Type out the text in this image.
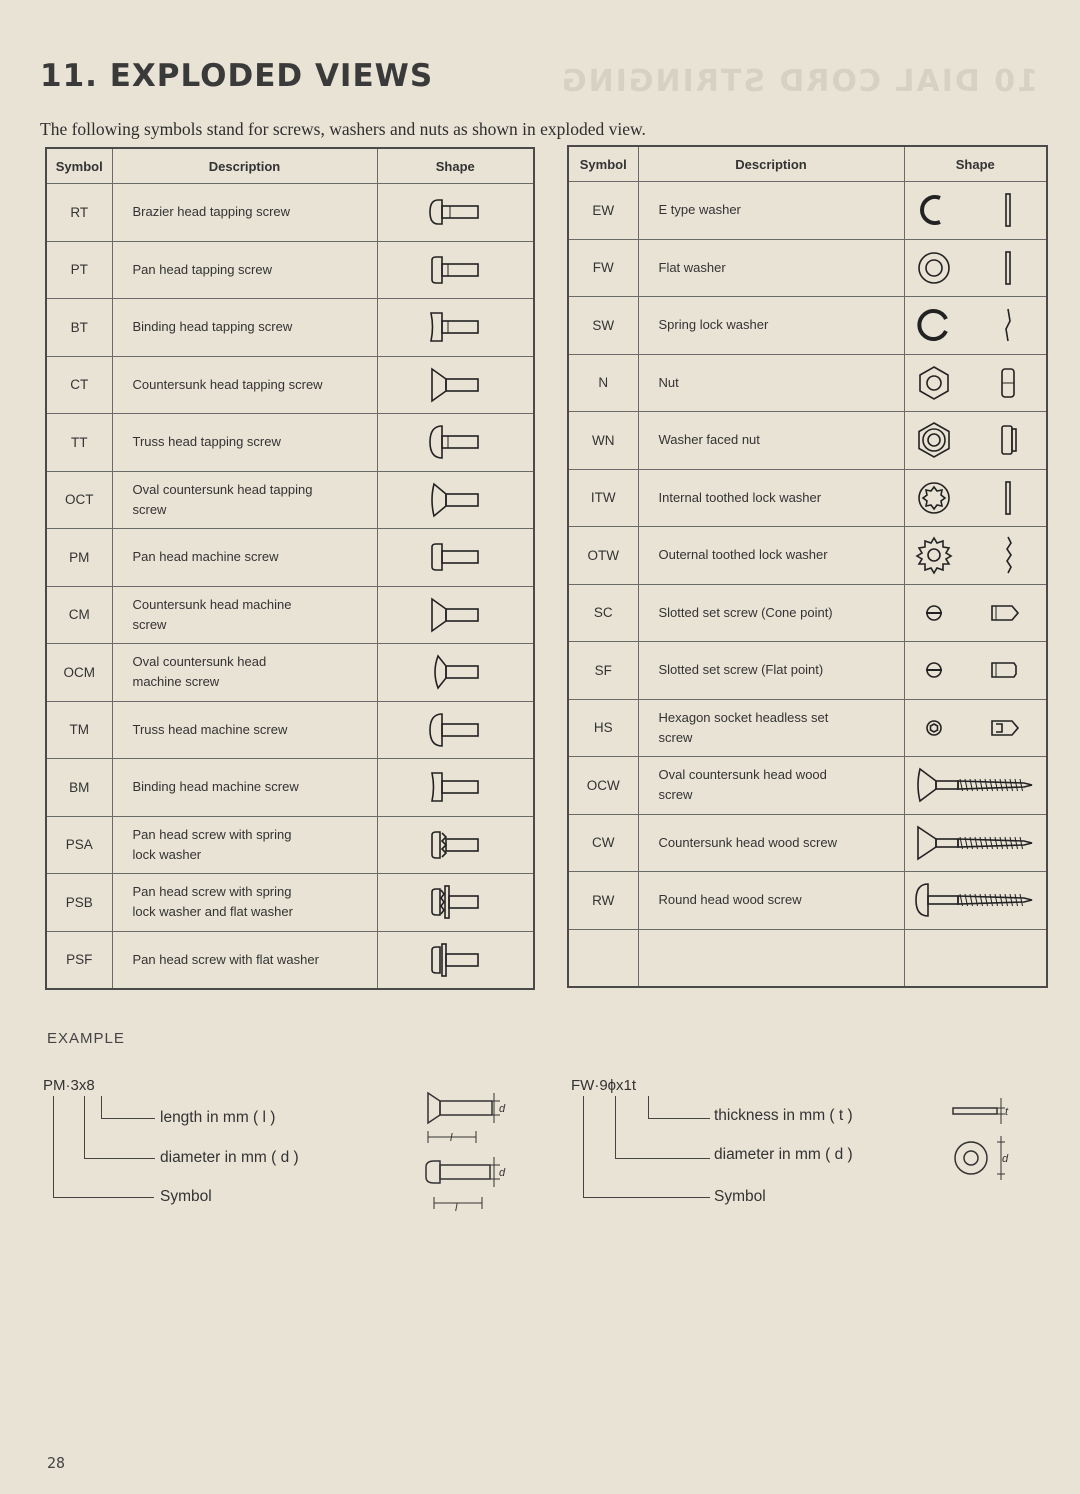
11. EXPLODED VIEWS	10 DIAL CORD STRINGING

The following symbols stand for screws, washers and nuts as shown in exploded view.

Symbol	Description	Shape
RT	Brazier head tapping screw

PT	Pan head tapping screw

BT	Binding head tapping screw

CT	Countersunk head tapping screw

TT	Truss head tapping screw

OCT	Oval countersunk head tapping
screw

PM	Pan head machine screw

CM	Countersunk head machine
screw

OCM	Oval countersunk head
machine screw

TM	Truss head machine screw

BM	Binding head machine screw

PSA	Pan head screw with spring
lock washer

PSB	Pan head screw with spring
lock washer and flat washer

PSF	Pan head screw with flat washer

Symbol	Description	Shape
EW	E type washer

FW	Flat washer

SW	Spring lock washer

N	Nut

WN	Washer faced nut

ITW	Internal toothed lock washer

OTW	Outernal toothed lock washer

SC	Slotted set screw (Cone point)

SF	Slotted set screw (Flat point)

HS	Hexagon socket headless set
screw

OCW	Oval countersunk head wood
screw

CW	Countersunk head wood screw

RW	Round head wood screw

EXAMPLE
PM·3x8
length in mm ( l )
diameter in mm ( d )
Symbol
d
l
d
l
FW·9ϕx1t
thickness in mm ( t )
diameter in mm ( d )
Symbol
t
d
28
